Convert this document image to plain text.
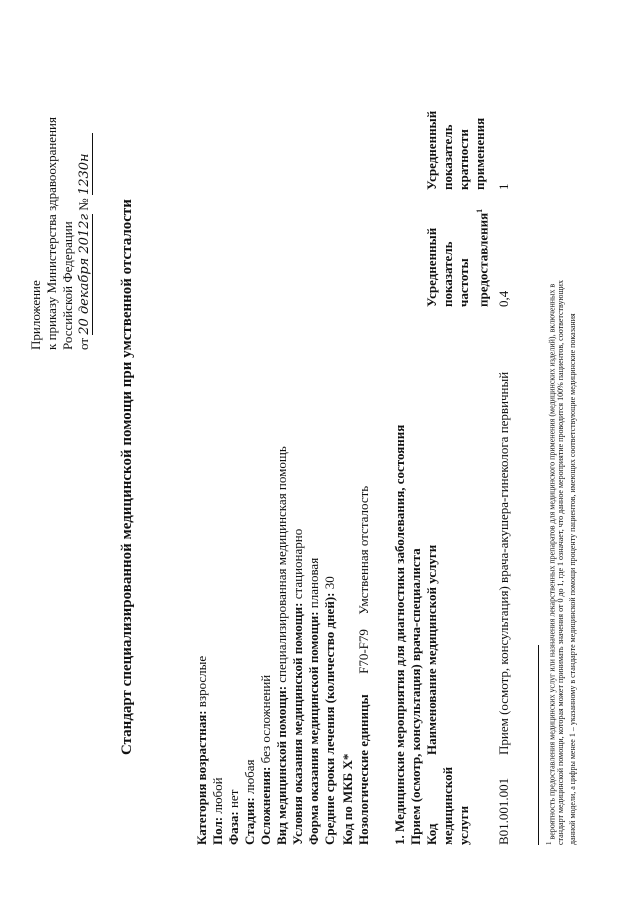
Приложение к приказу Министерства здравоохранения Российской Федерации от 20 декабря 2012г № 1230н
Стандарт специализированной медицинской помощи при умственной отсталости
Категория возрастная: взрослые
Пол: любой
Фаза: нет Стадия: любая Осложнения: без осложнений Вид медицинской помощи: специализированная медицинская помощь
Условия оказания медицинской помощи: стационарно
Форма оказания медицинской помощи: плановая
Средние сроки лечения (количество дней): 30
Код по МКБ X* Нозологические единицы  F70-F79  Умственная отсталость 1. Медицинские мероприятия для диагностики заболевания, состояния Прием (осмотр, консультация) врача-специалиста Код медицинской услуги
Наименование медицинской услуги
Усредненный показатель частоты предоставления$^1$
Усредненный показатель кратности применения
B01.001.001
Прием (осмотр, консультация) врача-акушера-гинеколога первичный
0,4
1
$^1$ вероятность предоставления медицинских услуг или назначения лекарственных препаратов для медицинского применения (медицинских изделий), включенных в стандарт медицинской помощи, которая может принимать значения от 0 до 1, где 1 означает, что данное мероприятие проводится 100% пациентов, соответствующих данной модели, а цифры менее 1 – указанному в стандарте медицинской помощи проценту пациентов, имеющих соответствующие медицинские показания
